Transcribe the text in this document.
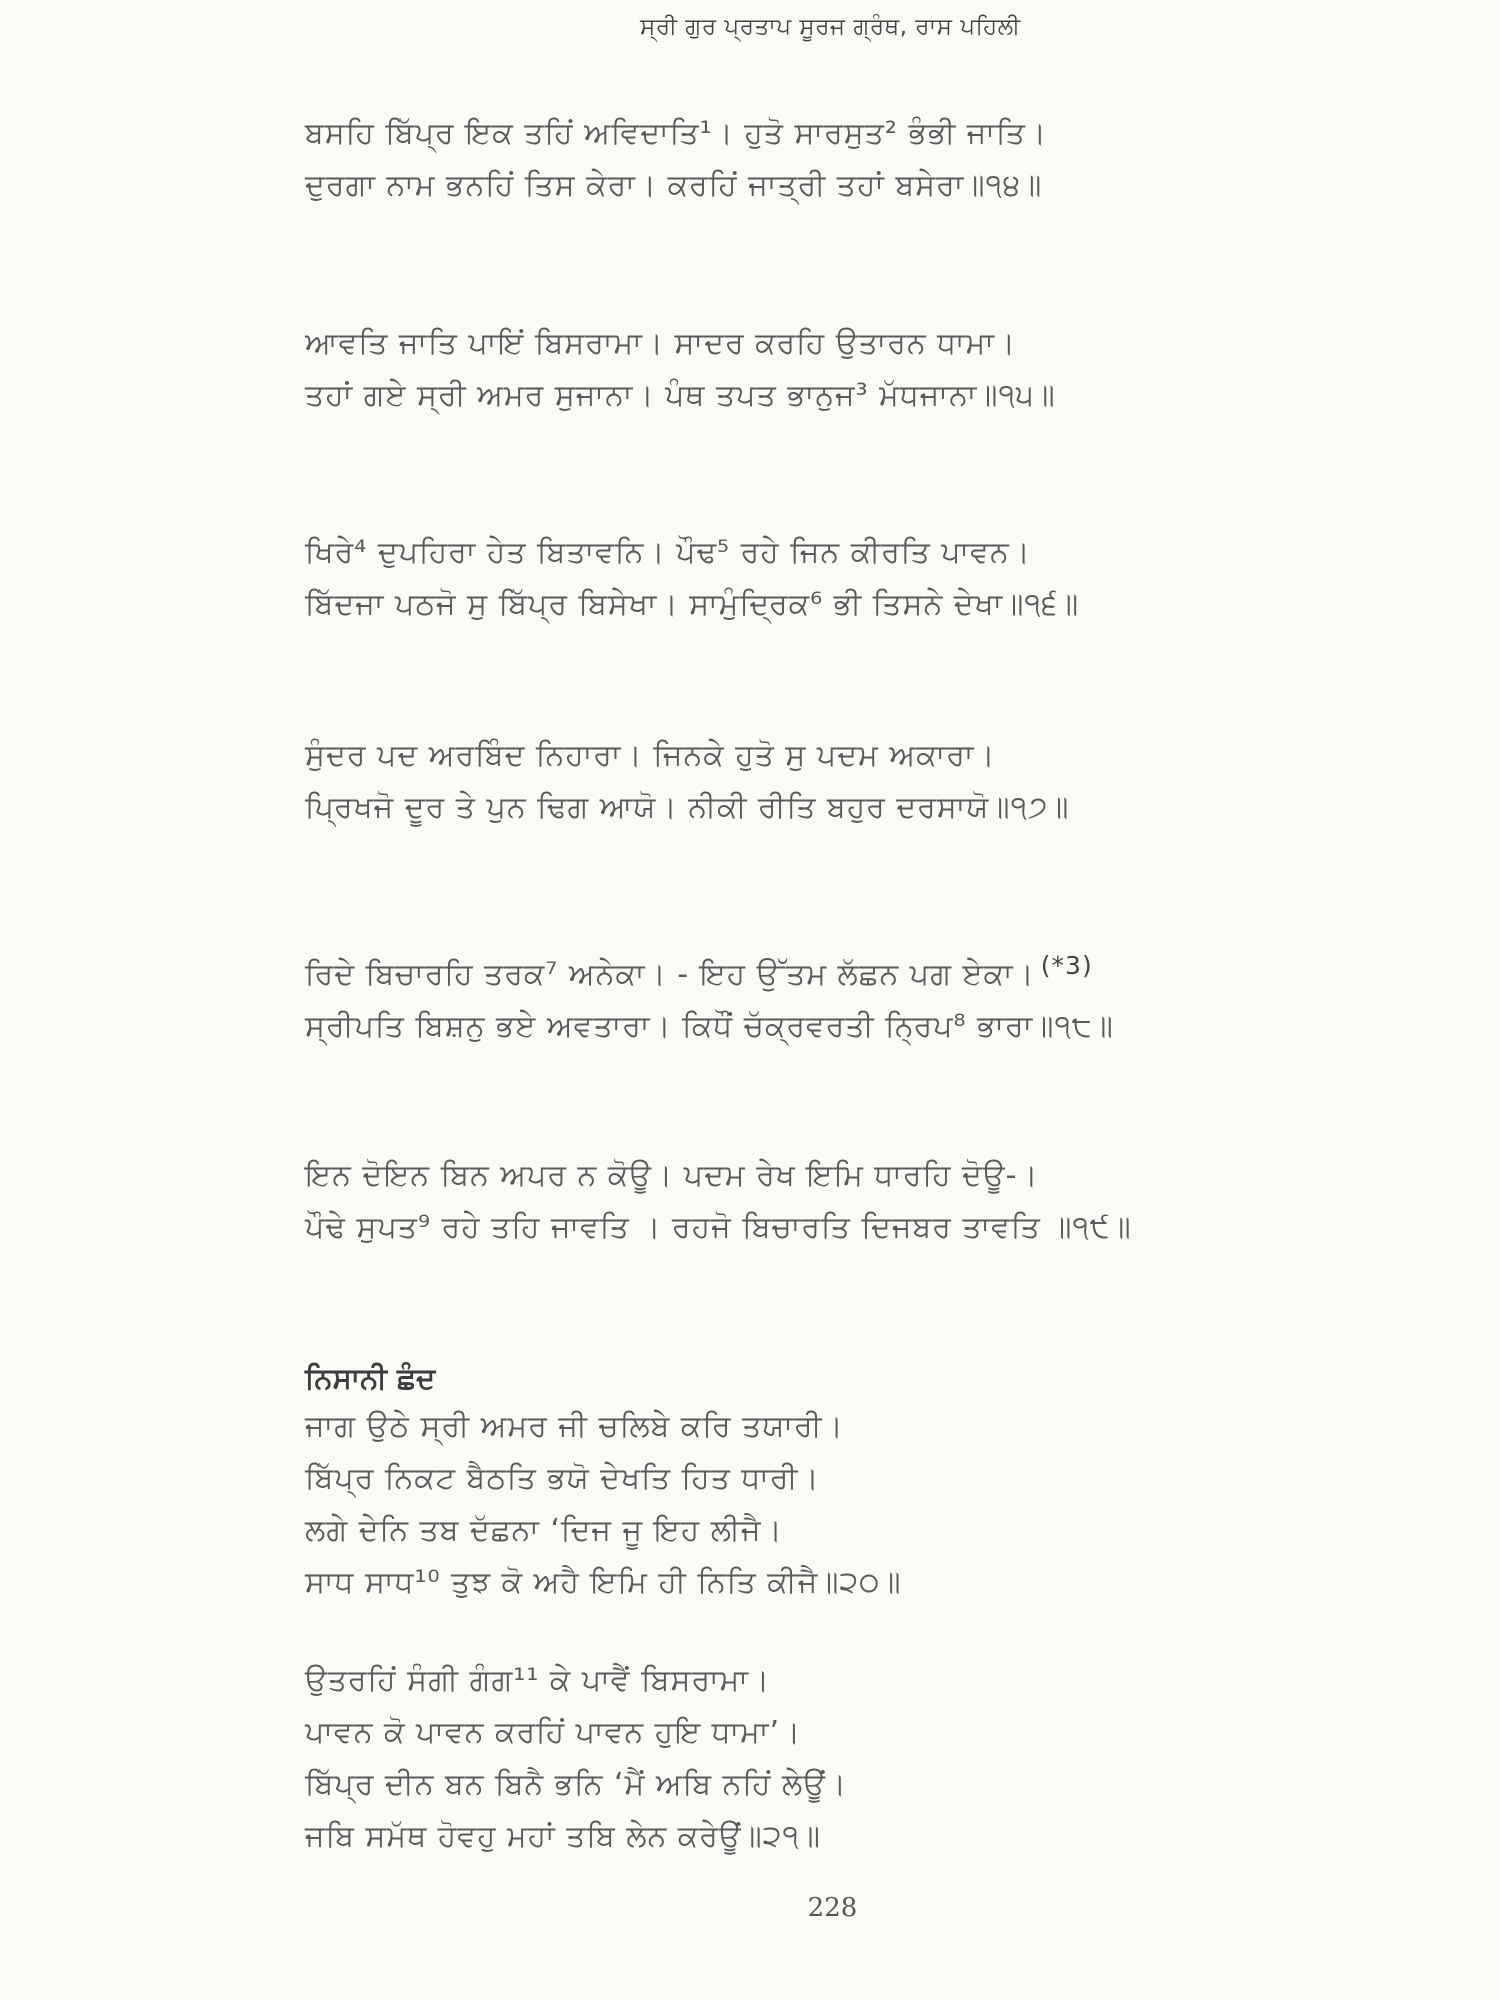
ਸ੍ਰੀ ਗੁਰ ਪ੍ਰਤਾਪ ਸੂਰਜ ਗ੍ਰੰਥ, ਰਾਸ ਪਹਿਲੀ
ਬਸਹਿ ਬਿੱਪ੍ਰ ਇਕ ਤਹਿਂ ਅਵਿਦਾਤਿ¹। ਹੁਤੋ ਸਾਰਸੁਤ² ਭੰਭੀ ਜਾਤਿ।
ਦੁਰਗਾ ਨਾਮ ਭਨਹਿਂ ਤਿਸ ਕੇਰਾ। ਕਰਹਿਂ ਜਾਤ੍ਰੀ ਤਹਾਂ ਬਸੇਰਾ॥੧੪॥
ਆਵਤਿ ਜਾਤਿ ਪਾਇਂ ਬਿਸਰਾਮਾ। ਸਾਦਰ ਕਰਹਿ ਉਤਾਰਨ ਧਾਮਾ।
ਤਹਾਂ ਗਏ ਸ੍ਰੀ ਅਮਰ ਸੁਜਾਨਾ। ਪੰਥ ਤਪਤ ਭਾਨੁਜ³ ਮੱਧਜਾਨਾ॥੧੫॥
ਖਿਰੇ⁴ ਦੁਪਹਿਰਾ ਹੇਤ ਬਿਤਾਵਨਿ। ਪੌਢ⁵ ਰਹੇ ਜਿਨ ਕੀਰਤਿ ਪਾਵਨ।
ਬਿੱਦਜਾ ਪਠਜੋ ਸੁ ਬਿੱਪ੍ਰ ਬਿਸੇਖਾ। ਸਾਮੁੰਦ੍ਰਿਕ⁶ ਭੀ ਤਿਸਨੇ ਦੇਖਾ॥੧੬॥
ਸੁੰਦਰ ਪਦ ਅਰਬਿੰਦ ਨਿਹਾਰਾ। ਜਿਨਕੇ ਹੁਤੋ ਸੁ ਪਦਮ ਅਕਾਰਾ।
ਪ੍ਰਿਖਜੋ ਦੂਰ ਤੇ ਪੁਨ ਢਿਗ ਆਯੋ। ਨੀਕੀ ਰੀਤਿ ਬਹੁਰ ਦਰਸਾਯੋ॥੧੭॥
ਰਿਦੇ ਬਿਚਾਰਹਿ ਤਰਕ⁷ ਅਨੇਕਾ। - ਇਹ ਉੱਤਮ ਲੱਛਨ ਪਗ ਏਕਾ। $^{(*3)}$
ਸ੍ਰੀਪਤਿ ਬਿਸ਼ਨੁ ਭਏ ਅਵਤਾਰਾ। ਕਿਧੌਂ ਚੱਕ੍ਰਵਰਤੀ ਨ੍ਰਿਪ⁸ ਭਾਰਾ॥੧੮॥
ਇਨ ਦੋਇਨ ਬਿਨ ਅਪਰ ਨ ਕੋਊ। ਪਦਮ ਰੇਖ ਇਮਿ ਧਾਰਹਿ ਦੋਊ-।
ਪੌਢੇ ਸੁਪਤ⁹ ਰਹੇ ਤਹਿ ਜਾਵਤਿ । ਰਹਜੋ ਬਿਚਾਰਤਿ ਦਿਜਬਰ ਤਾਵਤਿ ॥੧੯॥
ਨਿਸਾਨੀ ਛੰਦ
ਜਾਗ ਉਠੇ ਸ੍ਰੀ ਅਮਰ ਜੀ ਚਲਿਬੇ ਕਰਿ ਤਯਾਰੀ।
ਬਿੱਪ੍ਰ ਨਿਕਟ ਬੈਠਤਿ ਭਯੋ ਦੇਖਤਿ ਹਿਤ ਧਾਰੀ।
ਲਗੇ ਦੇਨਿ ਤਬ ਦੱਛਨਾ ‘ਦਿਜ ਜੂ ਇਹ ਲੀਜੈ।
ਸਾਧ ਸਾਧ¹⁰ ਤੁਝ ਕੋ ਅਹੈ ਇਮਿ ਹੀ ਨਿਤਿ ਕੀਜੈ॥੨੦॥
ਉਤਰਹਿਂ ਸੰਗੀ ਗੰਗ¹¹ ਕੇ ਪਾਵੈਂ ਬਿਸਰਾਮਾ।
ਪਾਵਨ ਕੋ ਪਾਵਨ ਕਰਹਿਂ ਪਾਵਨ ਹੁਇ ਧਾਮਾ’।
ਬਿੱਪ੍ਰ ਦੀਨ ਬਨ ਬਿਨੈ ਭਨਿ ‘ਮੈਂ ਅਬਿ ਨਹਿਂ ਲੇਊਂ।
ਜਬਿ ਸਮੱਥ ਹੋਵਹੁ ਮਹਾਂ ਤਬਿ ਲੇਨ ਕਰੇਊਂ॥੨੧॥
228
